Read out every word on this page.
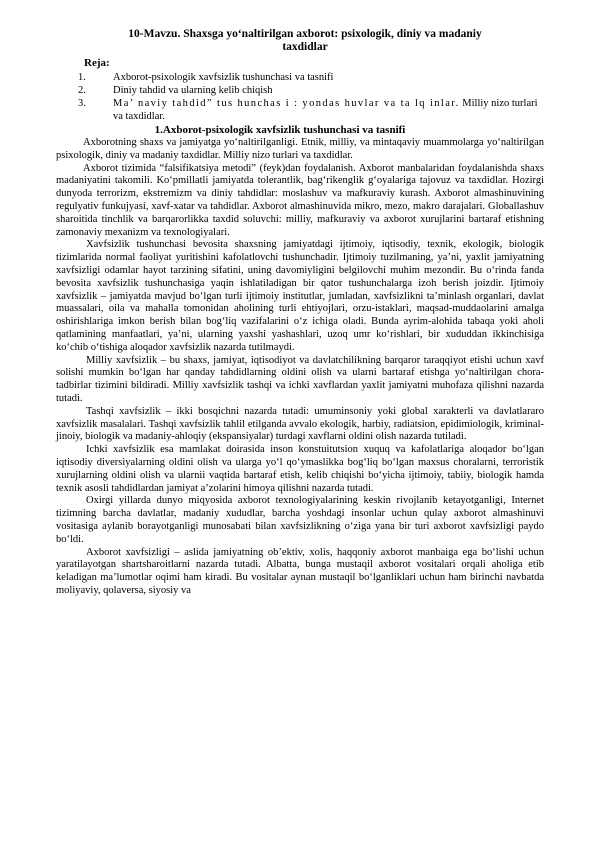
10-Mavzu. Shaxsga yo‘naltirilgan axborot: psixologik, diniy va madaniy
taxdidlar
Reja:
1.	Axborot-psixologik xavfsizlik tushunchasi va tasnifi
2.	Diniy tahdid va ularning kelib chiqish
3.	Ma’ naviy tahdid” tus hunchas i : yondas huvlar va ta lq inlar. Milliy nizo turlari va taxdidlar.
1.Axborot-psixologik xavfsizlik tushunchasi va tasnifi

Axborotning shaxs va jamiyatga yo‘naltirilganligi. Etnik, milliy, va mintaqaviy muammolarga yo‘naltirilgan psixologik, diniy va madaniy taxdidlar. Milliy nizo turlari va taxdidlar.

Axborot tizimida “falsifikatsiya metodi” (feyk)dan foydalanish. Axborot manbalaridan foydalanishda shaxs madaniyatini takomili. Ko‘pmillatli jamiyatda tolerantlik, bag‘rikenglik g‘oyalariga tajovuz va taxdidlar. Hozirgi dunyoda terrorizm, ekstremizm va diniy tahdidlar: moslashuv va mafkuraviy kurash. Axborot almashinuvining regulyativ funkujyasi, xavf-xatar va tahdidlar. Axborot almashinuvida mikro, mezo, makro darajalari. Globallashuv sharoitida tinchlik va barqarorlikka taxdid soluvchi: milliy, mafkuraviy va axborot xurujlarini bartaraf etishning zamonaviy mexanizm va texnologiyalari.

Xavfsizlik tushunchasi bevosita shaxsning jamiyatdagi ijtimoiy, iqtisodiy, texnik, ekologik, biologik tizimlarida normal faoliyat yuritishini kafolatlovchi tushunchadir. Ijtimoiy tuzilmaning, ya’ni, yaxlit jamiyatning xavfsizligi odamlar hayot tarzining sifatini, uning davomiyligini belgilovchi muhim mezondir. Bu o‘rinda fanda bevosita xavfsizlik tushunchasiga yaqin ishlatiladigan bir qator tushunchalarga izoh berish joizdir. Ijtimoiy xavfsizlik – jamiyatda mavjud bo‘lgan turli ijtimoiy institutlar, jumladan, xavfsizlikni ta’minlash organlari, davlat muassalari, oila va mahalla tomonidan aholining turli ehtiyojlari, orzu-istaklari, maqsad-muddaolarini amalga oshirishlariga imkon berish bilan bog‘liq vazifalarini o‘z ichiga oladi. Bunda ayrim-alohida tabaqa yoki aholi qatlamining manfaatlari, ya’ni, ularning yaxshi yashashlari, uzoq umr ko‘rishlari, bir xududdan ikkinchisiga ko‘chib o‘tishiga aloqador xavfsizlik nazarda tutilmaydi.

Milliy xavfsizlik – bu shaxs, jamiyat, iqtisodiyot va davlatchilikning barqaror taraqqiyot etishi uchun xavf solishi mumkin bo‘lgan har qanday tahdidlarning oldini olish va ularni bartaraf etishga yo‘naltirilgan chora-tadbirlar tizimini bildiradi. Milliy xavfsizlik tashqi va ichki xavflardan yaxlit jamiyatni muhofaza qilishni nazarda tutadi.

Tashqi xavfsizlik – ikki bosqichni nazarda tutadi: umuminsoniy yoki global xarakterli va davlatlararo xavfsizlik masalalari. Tashqi xavfsizlik tahlil etilganda avvalo ekologik, harbiy, radiatsion, epidimiologik, kriminal-jinoiy, biologik va madaniy-ahloqiy (ekspansiyalar) turdagi xavflarni oldini olish nazarda tutiladi.

Ichki xavfsizlik esa mamlakat doirasida inson konstuitutsion xuquq va kafolatlariga aloqador bo‘lgan iqtisodiy diversiyalarning oldini olish va ularga yo‘l qo‘ymaslikka bog‘liq bo‘lgan maxsus choralarni, terroristik xurujlarning oldini olish va ularnii vaqtida bartaraf etish, kelib chiqishi bo‘yicha ijtimoiy, tabiiy, biologik hamda texnik asosli tahdidlardan jamiyat a’zolarini himoya qilishni nazarda tutadi.

Oxirgi yillarda dunyo miqyosida axborot texnologiyalarining keskin rivojlanib ketayotganligi, Internet tizimning barcha davlatlar, madaniy xududlar, barcha yoshdagi insonlar uchun qulay axborot almashinuvi vositasiga aylanib borayotganligi munosabati bilan xavfsizlikning o‘ziga yana bir turi axborot xavfsizligi paydo bo‘ldi.

Axborot xavfsizligi – aslida jamiyatning ob’ektiv, xolis, haqqoniy axborot manbaiga ega bo‘lishi uchun yaratilayotgan shartsharoitlarni nazarda tutadi. Albatta, bunga mustaqil axborot vositalari orqali aholiga etib keladigan ma’lumotlar oqimi ham kiradi. Bu vositalar aynan mustaqil bo‘lganliklari uchun ham birinchi navbatda moliyaviy, qolaversa, siyosiy va
